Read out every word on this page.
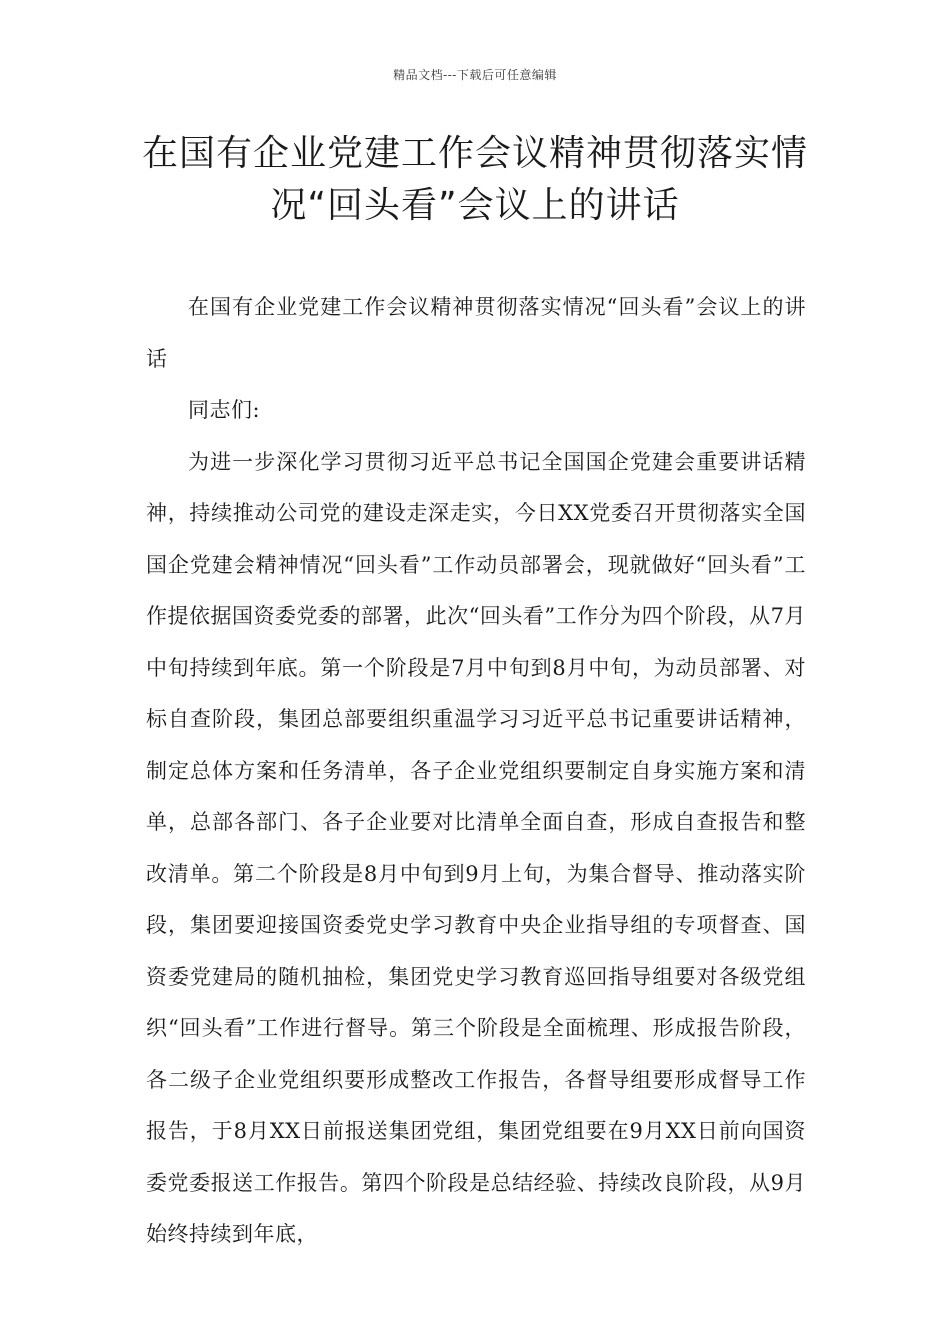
精品文档---下载后可任意编辑
在国有企业党建工作会议精神贯彻落实情况“回头看”会议上的讲话

在国有企业党建工作会议精神贯彻落实情况“回头看”会议上的讲话

同志们:

为进一步深化学习贯彻习近平总书记全国国企党建会重要讲话精神，持续推动公司党的建设走深走实，今日XX党委召开贯彻落实全国国企党建会精神情况“回头看”工作动员部署会，现就做好“回头看”工作提依据国资委党委的部署，此次“回头看”工作分为四个阶段，从7月中旬持续到年底。第一个阶段是7月中旬到8月中旬，为动员部署、对标自查阶段，集团总部要组织重温学习习近平总书记重要讲话精神，制定总体方案和任务清单，各子企业党组织要制定自身实施方案和清单，总部各部门、各子企业要对比清单全面自查，形成自查报告和整改清单。第二个阶段是8月中旬到9月上旬，为集合督导、推动落实阶段，集团要迎接国资委党史学习教育中央企业指导组的专项督查、国资委党建局的随机抽检，集团党史学习教育巡回指导组要对各级党组织“回头看”工作进行督导。第三个阶段是全面梳理、形成报告阶段，各二级子企业党组织要形成整改工作报告，各督导组要形成督导工作报告，于8月XX日前报送集团党组，集团党组要在9月XX日前向国资委党委报送工作报告。第四个阶段是总结经验、持续改良阶段，从9月始终持续到年底，
